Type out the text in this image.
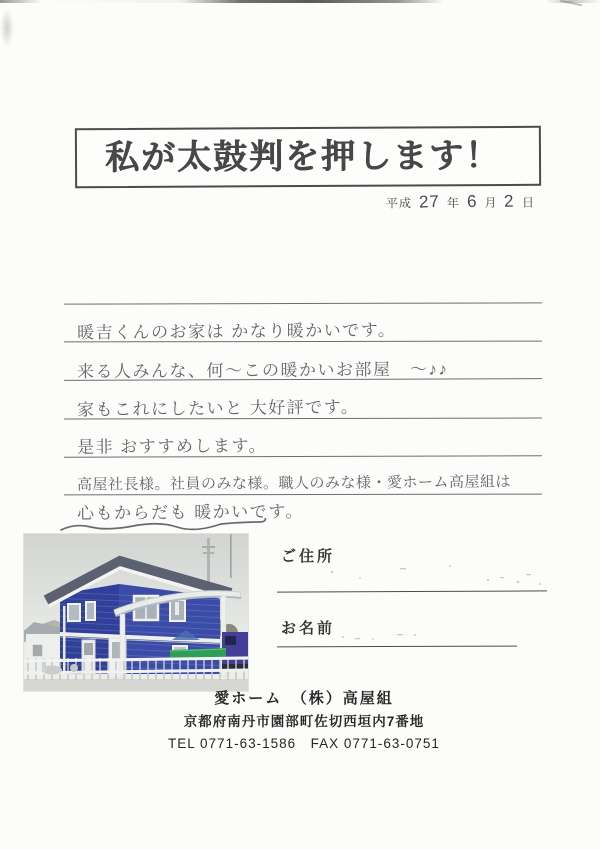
私が太鼓判を押します！
平成 27 年 6 月 2 日
暖吉くんのお家は かなり暖かいです。
来る人みんな、何〜この暖かいお部屋　〜♪♪
家もこれにしたいと 大好評です。
是非 おすすめします。
高屋社長様。社員のみな様。職人のみな様・愛ホーム高屋組は
心もからだも 暖かいです。
ご住所
お名前
愛ホーム　（株）高屋組
京都府南丹市園部町佐切西垣内7番地
TEL 0771-63-1586　FAX 0771-63-0751
